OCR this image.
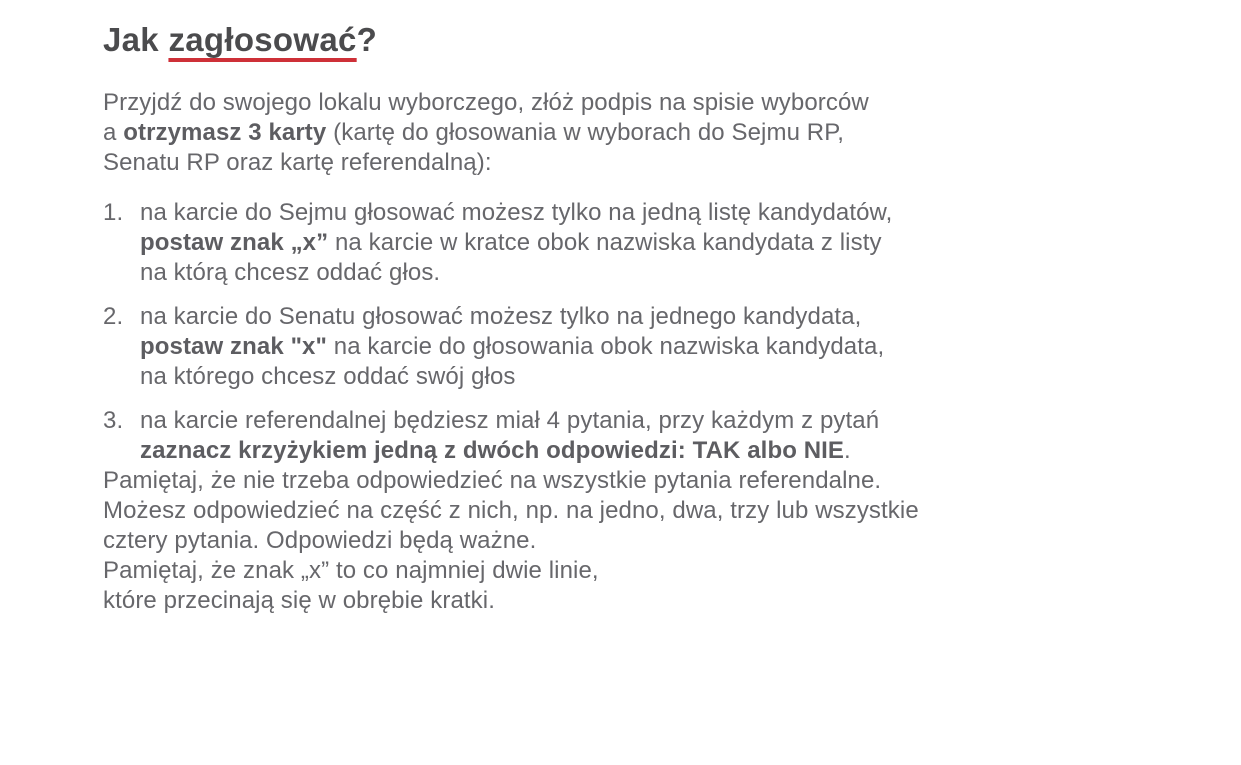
Jak zagłosować?

Przyjdź do swojego lokalu wyborczego, złóż podpis na spisie wyborców
a otrzymasz 3 karty (kartę do głosowania w wyborach do Sejmu RP,
Senatu RP oraz kartę referendalną):

1. na karcie do Sejmu głosować możesz tylko na jedną listę kandydatów,
postaw znak „x” na karcie w kratce obok nazwiska kandydata z listy
na którą chcesz oddać głos.
2. na karcie do Senatu głosować możesz tylko na jednego kandydata,
postaw znak "x" na karcie do głosowania obok nazwiska kandydata,
na którego chcesz oddać swój głos
3. na karcie referendalnej będziesz miał 4 pytania, przy każdym z pytań
zaznacz krzyżykiem jedną z dwóch odpowiedzi: TAK albo NIE.

Pamiętaj, że nie trzeba odpowiedzieć na wszystkie pytania referendalne.
Możesz odpowiedzieć na część z nich, np. na jedno, dwa, trzy lub wszystkie
cztery pytania. Odpowiedzi będą ważne.

Pamiętaj, że znak „x” to co najmniej dwie linie,
które przecinają się w obrębie kratki.
